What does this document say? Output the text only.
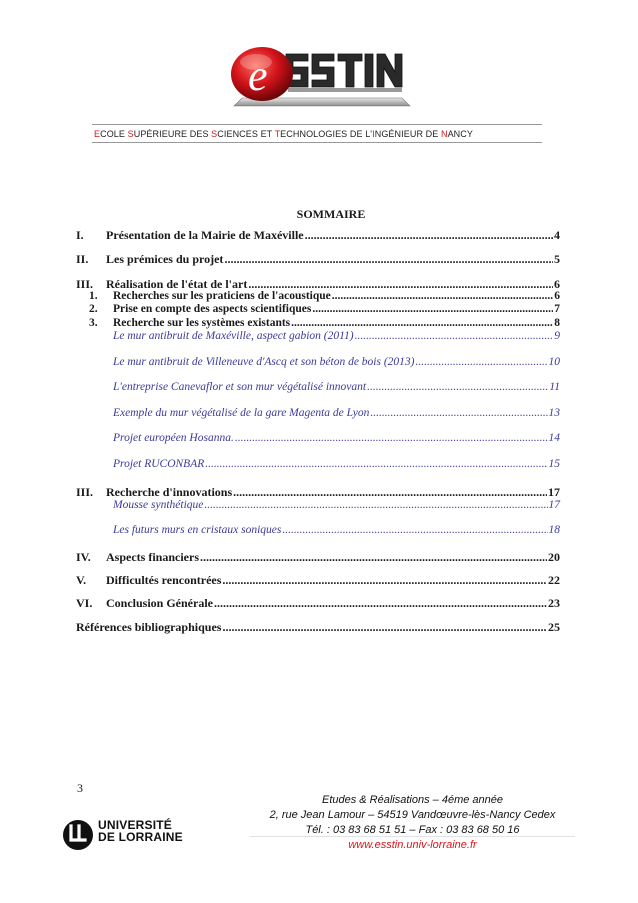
e
ECOLE SUPÉRIEURE DES SCIENCES ET TECHNOLOGIES DE L'INGÉNIEUR DE NANCY
SOMMAIRE
I.	Présentation de la Mairie de Maxéville .....	4
II.	Les prémices du projet .....	5
III.	Réalisation de l'état de l'art .....	6
1.	Recherches sur les praticiens de l'acoustique .....	6
2.	Prise en compte des aspects scientifiques .....	7
3.	Recherche sur les systèmes existants .....	8
Le mur antibruit de Maxéville, aspect gabion (2011) .....	9
Le mur antibruit de Villeneuve d'Ascq et son béton de bois (2013) .....	10
L'entreprise Canevaflor et son mur végétalisé innovant .....	11
Exemple du mur végétalisé de la gare Magenta de Lyon .....	13
Projet européen Hosanna. .....	14
Projet RUCONBAR .....	15
III.	Recherche d'innovations .....	17
Mousse synthétique .....	17
Les futurs murs en cristaux soniques .....	18
IV.	Aspects financiers .....	20
V.	Difficultés rencontrées .....	22
VI.	Conclusion Générale .....	23
Références bibliographiques .....	25
3
UNIVERSITÉ
DE LORRAINE
Etudes & Réalisations – 4éme année
2, rue Jean Lamour – 54519 Vandœuvre-lès-Nancy Cedex
Tél. : 03 83 68 51 51 – Fax : 03 83 68 50 16
www.esstin.univ-lorraine.fr
